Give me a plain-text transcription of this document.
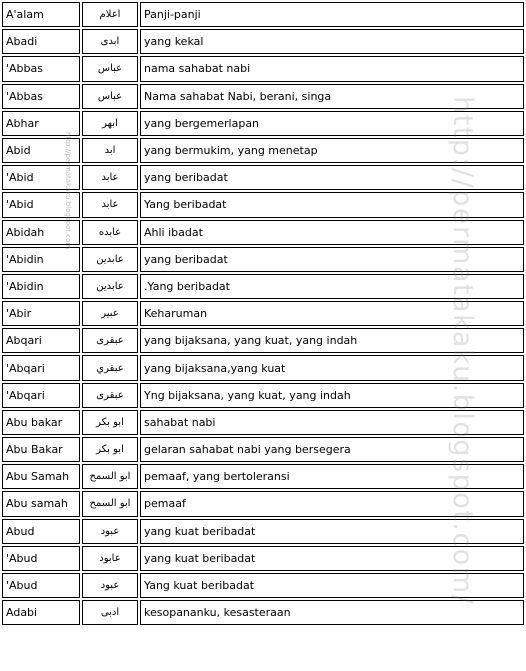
A'alam	اعلام	Panji-panji
Abadi	ابدى	yang kekal
'Abbas	عباس	nama sahabat nabi
'Abbas	عباس	Nama sahabat Nabi, berani, singa
Abhar	ابهر	yang bergemerlapan
Abid	ابد	yang bermukim, yang menetap
'Abid	عابد	yang beribadat
'Abid	عابد	Yang beribadat
Abidah	عابده	Ahli ibadat
'Abidin	عابدين	yang beribadat
'Abidin	عابدين	.Yang beribadat
'Abir	عبير	Keharuman
Abqari	عبقرى	yang bijaksana, yang kuat, yang indah
'Abqari	عبقري	yang bijaksana,yang kuat
'Abqari	عبقرى	Yng bijaksana, yang kuat, yang indah
Abu bakar	ابو بكر	sahabat nabi
Abu Bakar	ابو بكر	gelaran sahabat nabi yang bersegera
Abu Samah	ابو السمح	pemaaf, yang bertoleransi
Abu samah	ابو السمح	pemaaf
Abud	عبود	yang kuat beribadat
'Abud	عابود	yang kuat beribadat
'Abud	عبود	Yang kuat beribadat
Adabi	ادبى	kesopananku, kesasteraan
http://permatakaku.blogspot.com/
http://permatakaku.blogspot.com
